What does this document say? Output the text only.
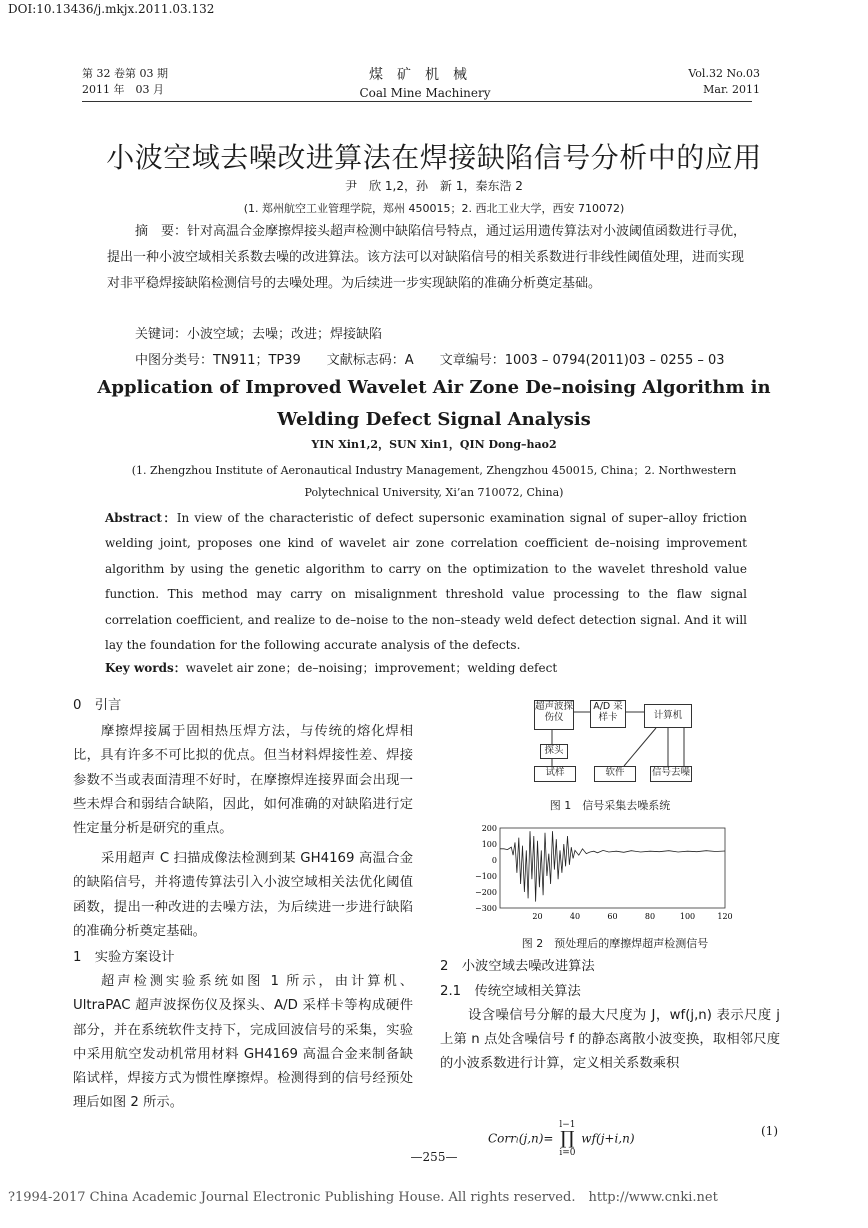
DOI:10.13436/j.mkjx.2011.03.132
第 32 卷第 03 期
2011 年　03 月
煤矿机械
Coal Mine Machinery
Vol.32 No.03
Mar. 2011
小波空域去噪改进算法在焊接缺陷信号分析中的应用
尹　欣 1,2，孙　新 1，秦东浩 2
(1. 郑州航空工业管理学院，郑州 450015；2. 西北工业大学，西安 710072)
摘　要：针对高温合金摩擦焊接头超声检测中缺陷信号特点，通过运用遗传算法对小波阈值函数进行寻优，提出一种小波空域相关系数去噪的改进算法。该方法可以对缺陷信号的相关系数进行非线性阈值处理，进而实现对非平稳焊接缺陷检测信号的去噪处理。为后续进一步实现缺陷的准确分析奠定基础。
关键词：小波空域；去噪；改进；焊接缺陷
中图分类号：TN911；TP39　　文献标志码：A　　文章编号：1003 – 0794(2011)03 – 0255 – 03
Application of Improved Wavelet Air Zone De–noising Algorithm in
Welding Defect Signal Analysis
YIN Xin1,2，SUN Xin1，QIN Dong–hao2
(1. Zhengzhou Institute of Aeronautical Industry Management, Zhengzhou 450015, China；2. Northwestern Polytechnical University, Xi’an 710072, China)
Abstract：In view of the characteristic of defect supersonic examination signal of super–alloy friction welding joint, proposes one kind of wavelet air zone correlation coefficient de–noising improvement algorithm by using the genetic algorithm to carry on the optimization to the wavelet threshold value function. This method may carry on misalignment threshold value processing to the flaw signal correlation coefficient, and realize to de–noise to the non–steady weld defect detection signal. And it will lay the foundation for the following accurate analysis of the defects.
Key words：wavelet air zone；de–noising；improvement；welding defect

0　引言

摩擦焊接属于固相热压焊方法，与传统的熔化焊相比，具有许多不可比拟的优点。但当材料焊接性差、焊接参数不当或表面清理不好时，在摩擦焊连接界面会出现一些未焊合和弱结合缺陷，因此，如何准确的对缺陷进行定性定量分析是研究的重点。

采用超声 C 扫描成像法检测到某 GH4169 高温合金的缺陷信号，并将遗传算法引入小波空域相关法优化阈值函数，提出一种改进的去噪方法，为后续进一步进行缺陷的准确分析奠定基础。

1　实验方案设计

超声检测实验系统如图 1 所示，由计算机、UltraPAC 超声波探伤仪及探头、A/D 采样卡等构成硬件部分，并在系统软件支持下，完成回波信号的采集，实验中采用航空发动机常用材料 GH4169 高温合金来制备缺陷试样，焊接方式为惯性摩擦焊。检测得到的信号经预处理后如图 2 所示。

超声波探伤仪
A/D 采样卡	计算机
探头
试样	软件	信号去噪
图 1　信号采集去噪系统
200
100
0
−100
−200
−300
20	40	60	80	100	120
图 2　预处理后的摩擦焊超声检测信号
2　小波空域去噪改进算法
2.1　传统空域相关算法
设含噪信号分解的最大尺度为 J，wf(j,n) 表示尺度 j 上第 n 点处含噪信号 f 的静态离散小波变换，取相邻尺度的小波系数进行计算，定义相关系数乘积
Corrₗ(j,n)=
l−1
∏
i=0
wf(j+i,n)
(1)
—255—
?1994-2017 China Academic Journal Electronic Publishing House. All rights reserved.　http://www.cnki.net
